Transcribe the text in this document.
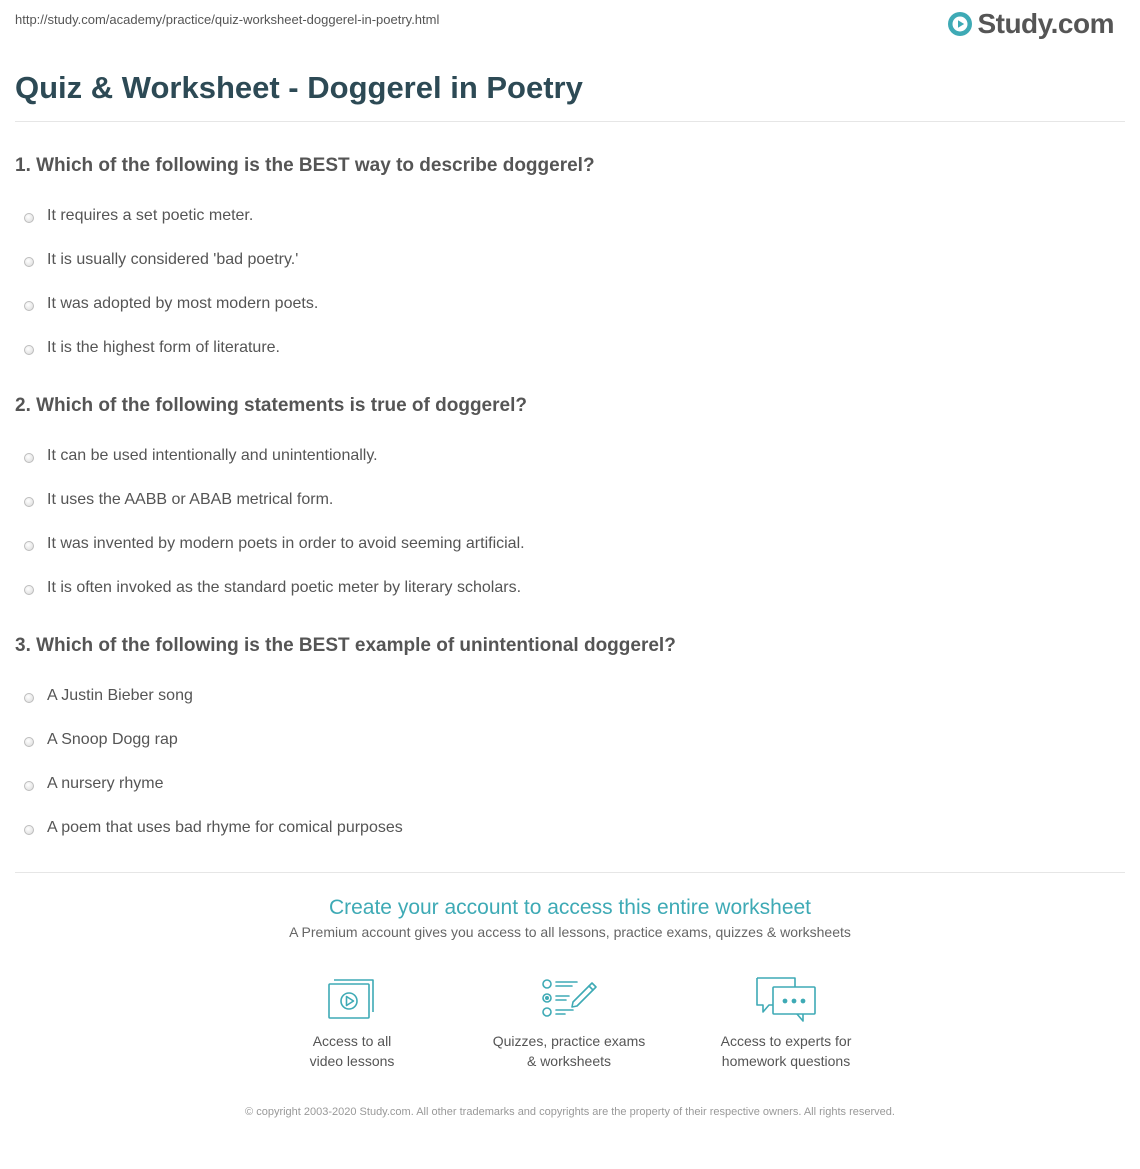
http://study.com/academy/practice/quiz-worksheet-doggerel-in-poetry.html	Study.com
Quiz & Worksheet - Doggerel in Poetry

1. Which of the following is the BEST way to describe doggerel?

It requires a set poetic meter.
It is usually considered 'bad poetry.'
It was adopted by most modern poets.
It is the highest form of literature.

2. Which of the following statements is true of doggerel?

It can be used intentionally and unintentionally.
It uses the AABB or ABAB metrical form.
It was invented by modern poets in order to avoid seeming artificial.
It is often invoked as the standard poetic meter by literary scholars.

3. Which of the following is the BEST example of unintentional doggerel?

A Justin Bieber song
A Snoop Dogg rap
A nursery rhyme
A poem that uses bad rhyme for comical purposes

Create your account to access this entire worksheet

A Premium account gives you access to all lessons, practice exams, quizzes & worksheets
Access to all
video lessons
Quizzes, practice exams
& worksheets
Access to experts for
homework questions
© copyright 2003-2020 Study.com. All other trademarks and copyrights are the property of their respective owners. All rights reserved.
